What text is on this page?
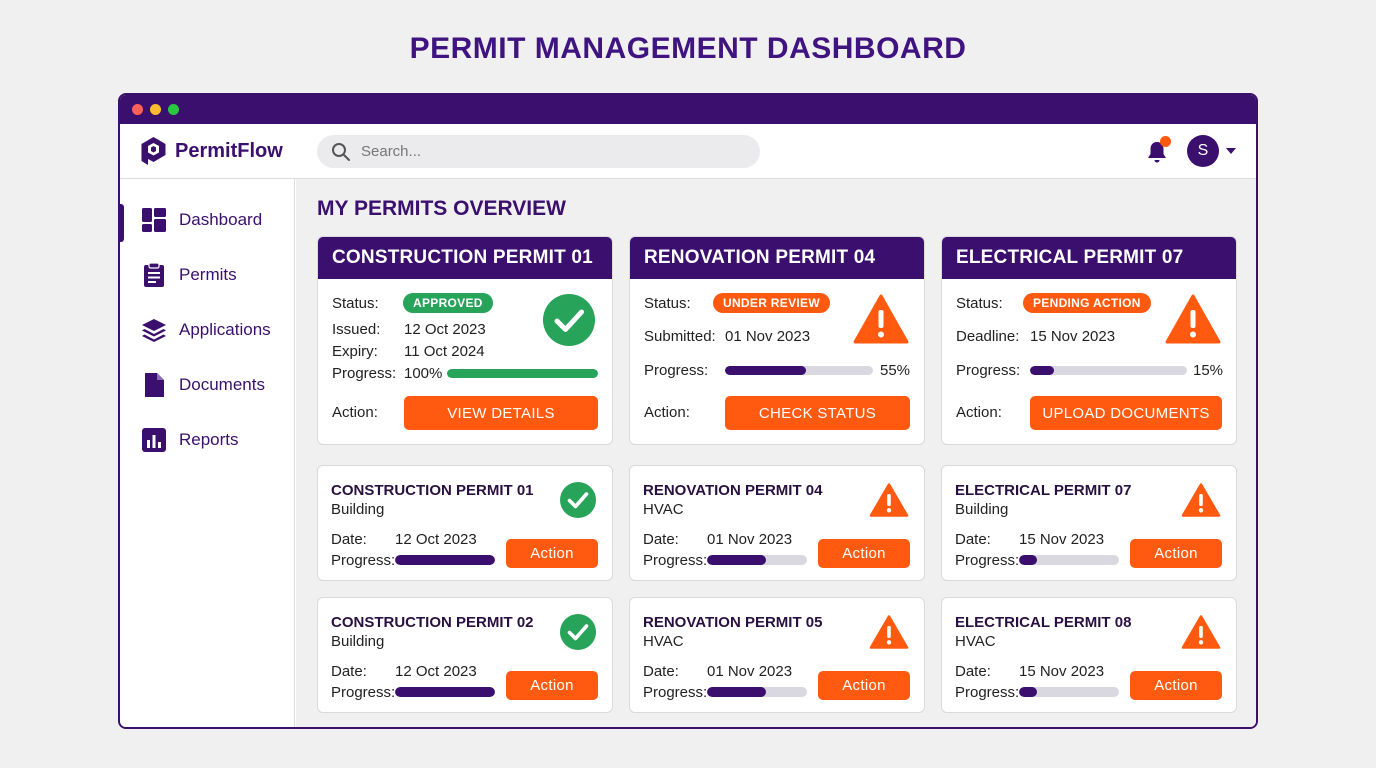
PERMIT MANAGEMENT DASHBOARD
PermitFlow
Search...	S
Dashboard
Permits
Applications
Documents
Reports
MY PERMITS OVERVIEW
CONSTRUCTION PERMIT 01
Status:	APPROVED
Issued: 12 Oct 2023
Expiry: 11 Oct 2024
Progress: 100%
Action:	VIEW DETAILS
RENOVATION PERMIT 04
Status:	UNDER REVIEW
Submitted: 01 Nov 2023
Progress:	55%
Action:	CHECK STATUS
ELECTRICAL PERMIT 07
Status:	PENDING ACTION
Deadline: 15 Nov 2023
Progress:	15%
Action:	UPLOAD DOCUMENTS
CONSTRUCTION PERMIT 01
Building
Date: 12 Oct 2023
Progress:	Action
RENOVATION PERMIT 04
HVAC
Date: 01 Nov 2023
Progress:	Action
ELECTRICAL PERMIT 07
Building
Date: 15 Nov 2023
Progress:	Action
CONSTRUCTION PERMIT 02
Building
Date: 12 Oct 2023
Progress:	Action
RENOVATION PERMIT 05
HVAC
Date: 01 Nov 2023
Progress:	Action
ELECTRICAL PERMIT 08
HVAC
Date: 15 Nov 2023
Progress:	Action
